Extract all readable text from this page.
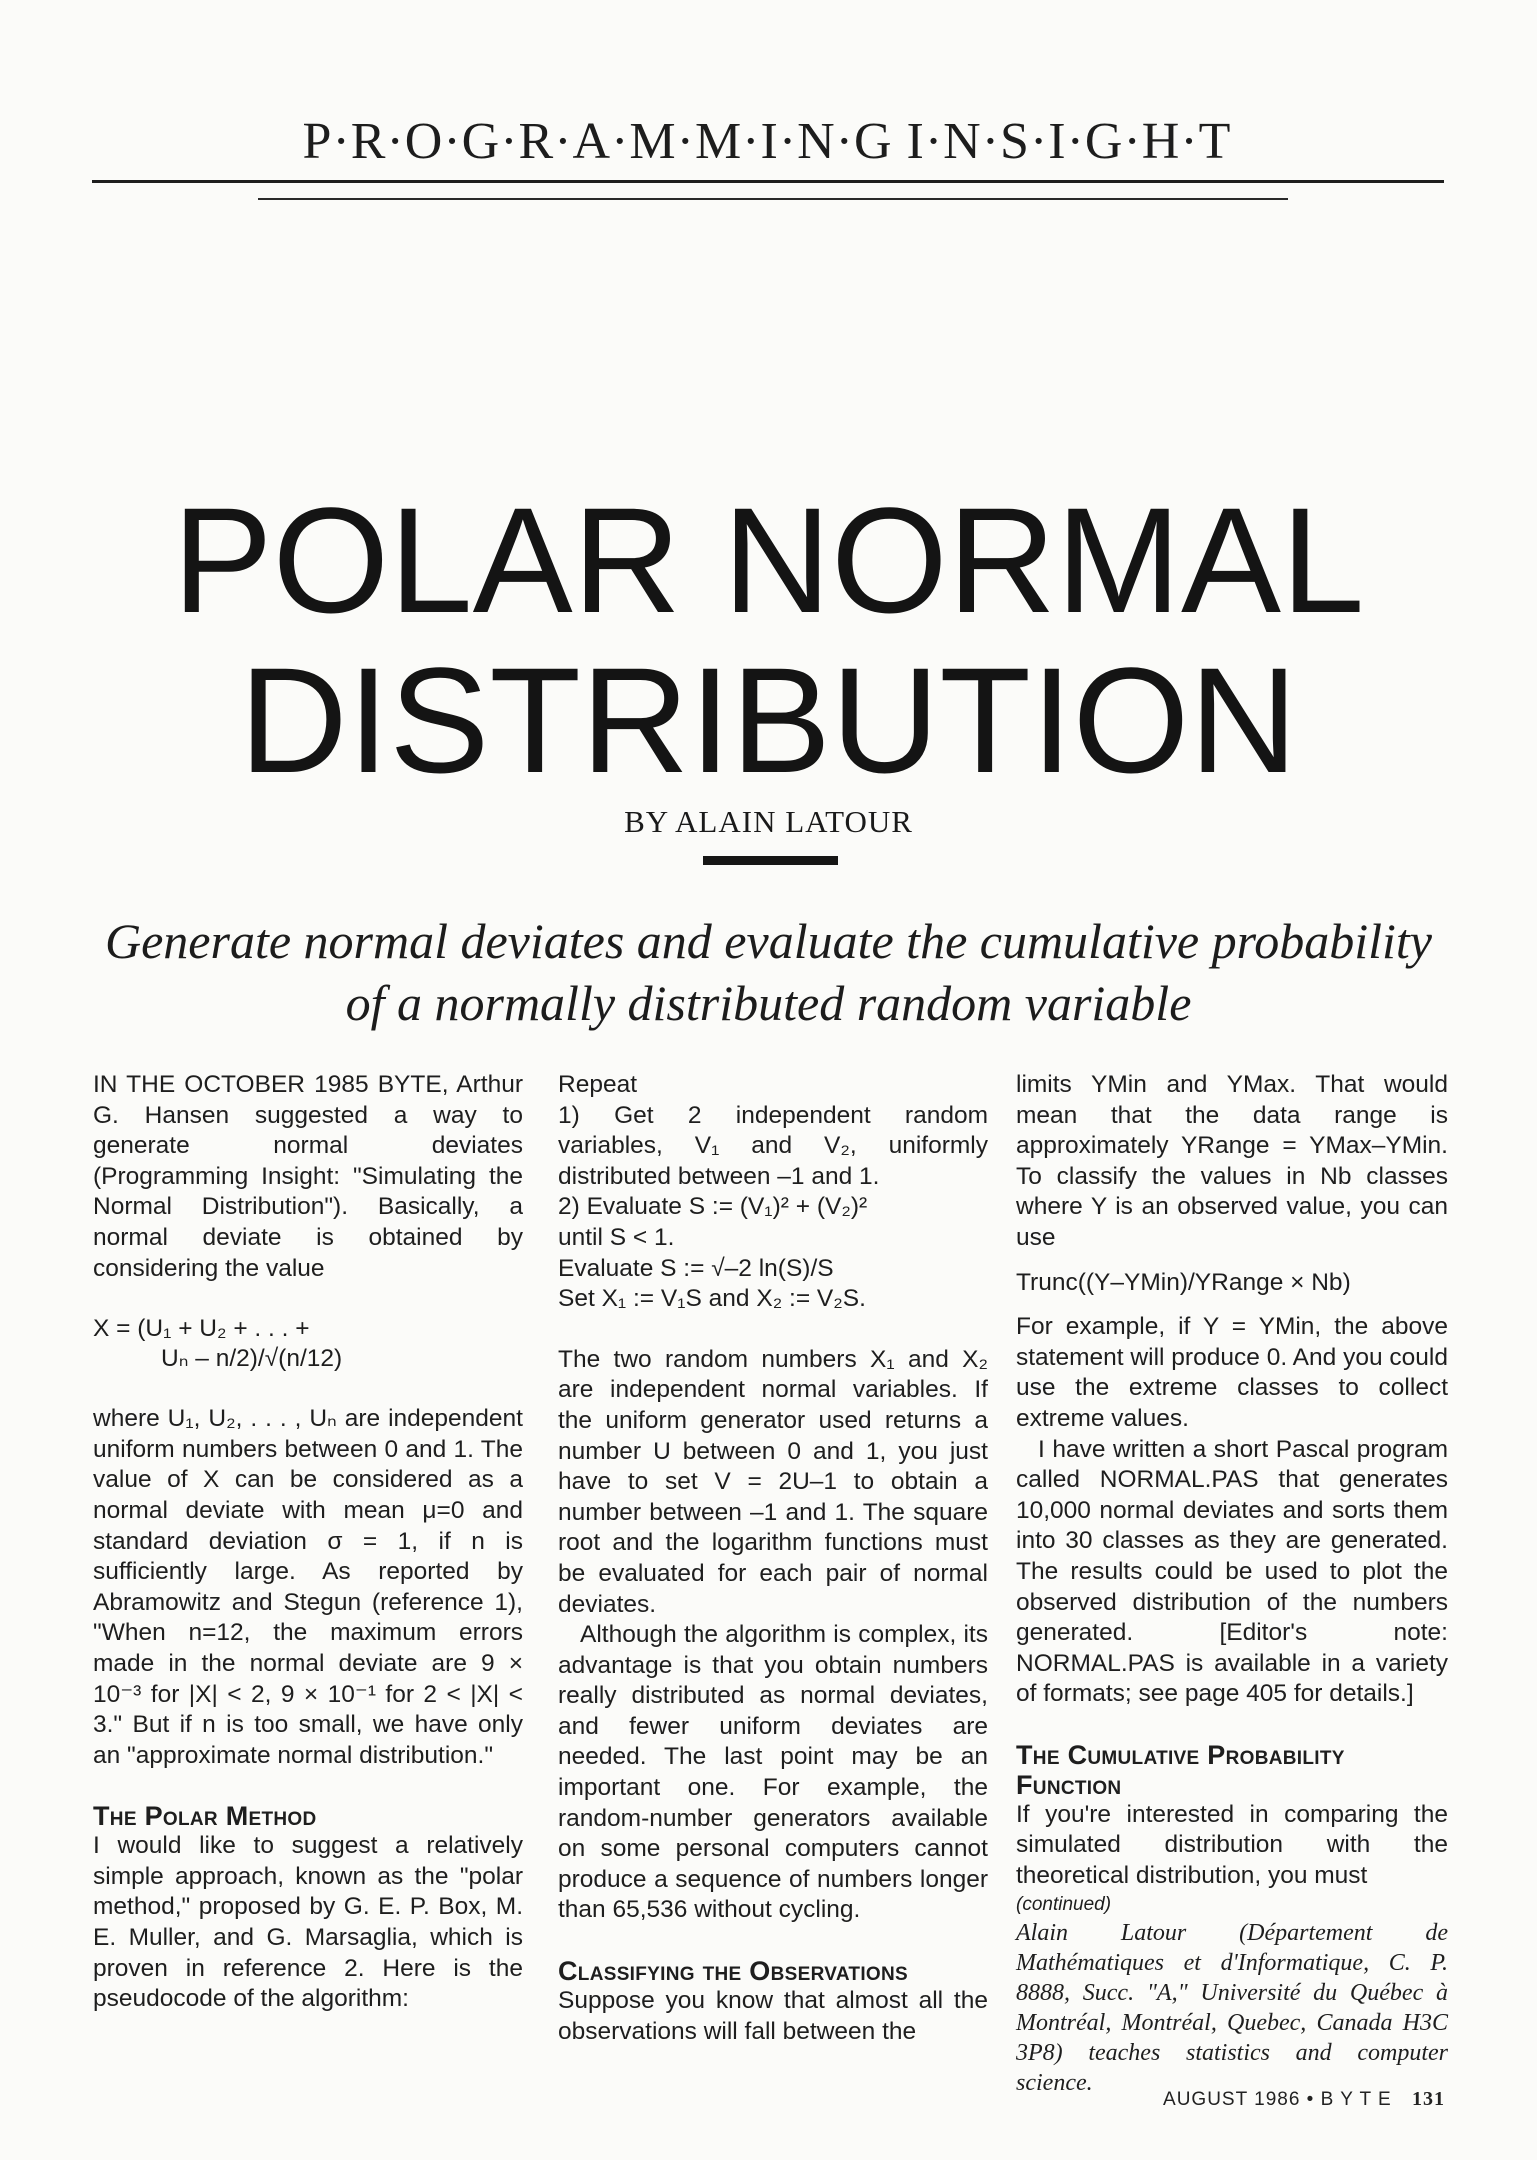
P·R·O·G·R·A·M·M·I·N·G I·N·S·I·G·H·T
POLAR NORMAL
DISTRIBUTION
BY ALAIN LATOUR
Generate normal deviates and evaluate the cumulative probability
of a normally distributed random variable

IN THE OCTOBER 1985 BYTE, Arthur G. Hansen suggested a way to generate normal deviates (Programming Insight: "Simulating the Normal Distribution"). Basically, a normal deviate is obtained by considering the value

X = (U₁ + U₂ + . . . +
Uₙ – n/2)/√(n/12)

where U₁, U₂, . . . , Uₙ are independent uniform numbers between 0 and 1. The value of X can be considered as a normal deviate with mean μ=0 and standard deviation σ = 1, if n is sufficiently large. As reported by Abramowitz and Stegun (reference 1), "When n=12, the maximum errors made in the normal deviate are 9 × 10⁻³ for |X| < 2, 9 × 10⁻¹ for 2 < |X| < 3." But if n is too small, we have only an "approximate normal distribution."

The Polar Method

I would like to suggest a relatively simple approach, known as the "polar method," proposed by G. E. P. Box, M. E. Muller, and G. Marsaglia, which is proven in reference 2. Here is the pseudocode of the algorithm:

Repeat

1) Get 2 independent random variables, V₁ and V₂, uniformly distributed between –1 and 1.

2) Evaluate S := (V₁)² + (V₂)²

until S < 1.

Evaluate S := √–2 ln(S)/S

Set X₁ := V₁S and X₂ := V₂S.

The two random numbers X₁ and X₂ are independent normal variables. If the uniform generator used returns a number U between 0 and 1, you just have to set V = 2U–1 to obtain a number between –1 and 1. The square root and the logarithm functions must be evaluated for each pair of normal deviates.

Although the algorithm is complex, its advantage is that you obtain numbers really distributed as normal deviates, and fewer uniform deviates are needed. The last point may be an important one. For example, the random-number generators available on some personal computers cannot produce a sequence of numbers longer than 65,536 without cycling.

Classifying the Observations

Suppose you know that almost all the observations will fall between the

limits YMin and YMax. That would mean that the data range is approximately YRange = YMax–YMin. To classify the values in Nb classes where Y is an observed value, you can use

Trunc((Y–YMin)/YRange × Nb)

For example, if Y = YMin, the above statement will produce 0. And you could use the extreme classes to collect extreme values.

I have written a short Pascal program called NORMAL.PAS that generates 10,000 normal deviates and sorts them into 30 classes as they are generated. The results could be used to plot the observed distribution of the numbers generated. [Editor's note: NORMAL.PAS is available in a variety of formats; see page 405 for details.]

The Cumulative Probability Function

If you're interested in comparing the simulated distribution with the theoretical distribution, you must

(continued)

Alain Latour (Département de Mathématiques et d'Informatique, C. P. 8888, Succ. "A," Université du Québec à Montréal, Montréal, Quebec, Canada H3C 3P8) teaches statistics and computer science.

AUGUST 1986 • B Y T E 131
